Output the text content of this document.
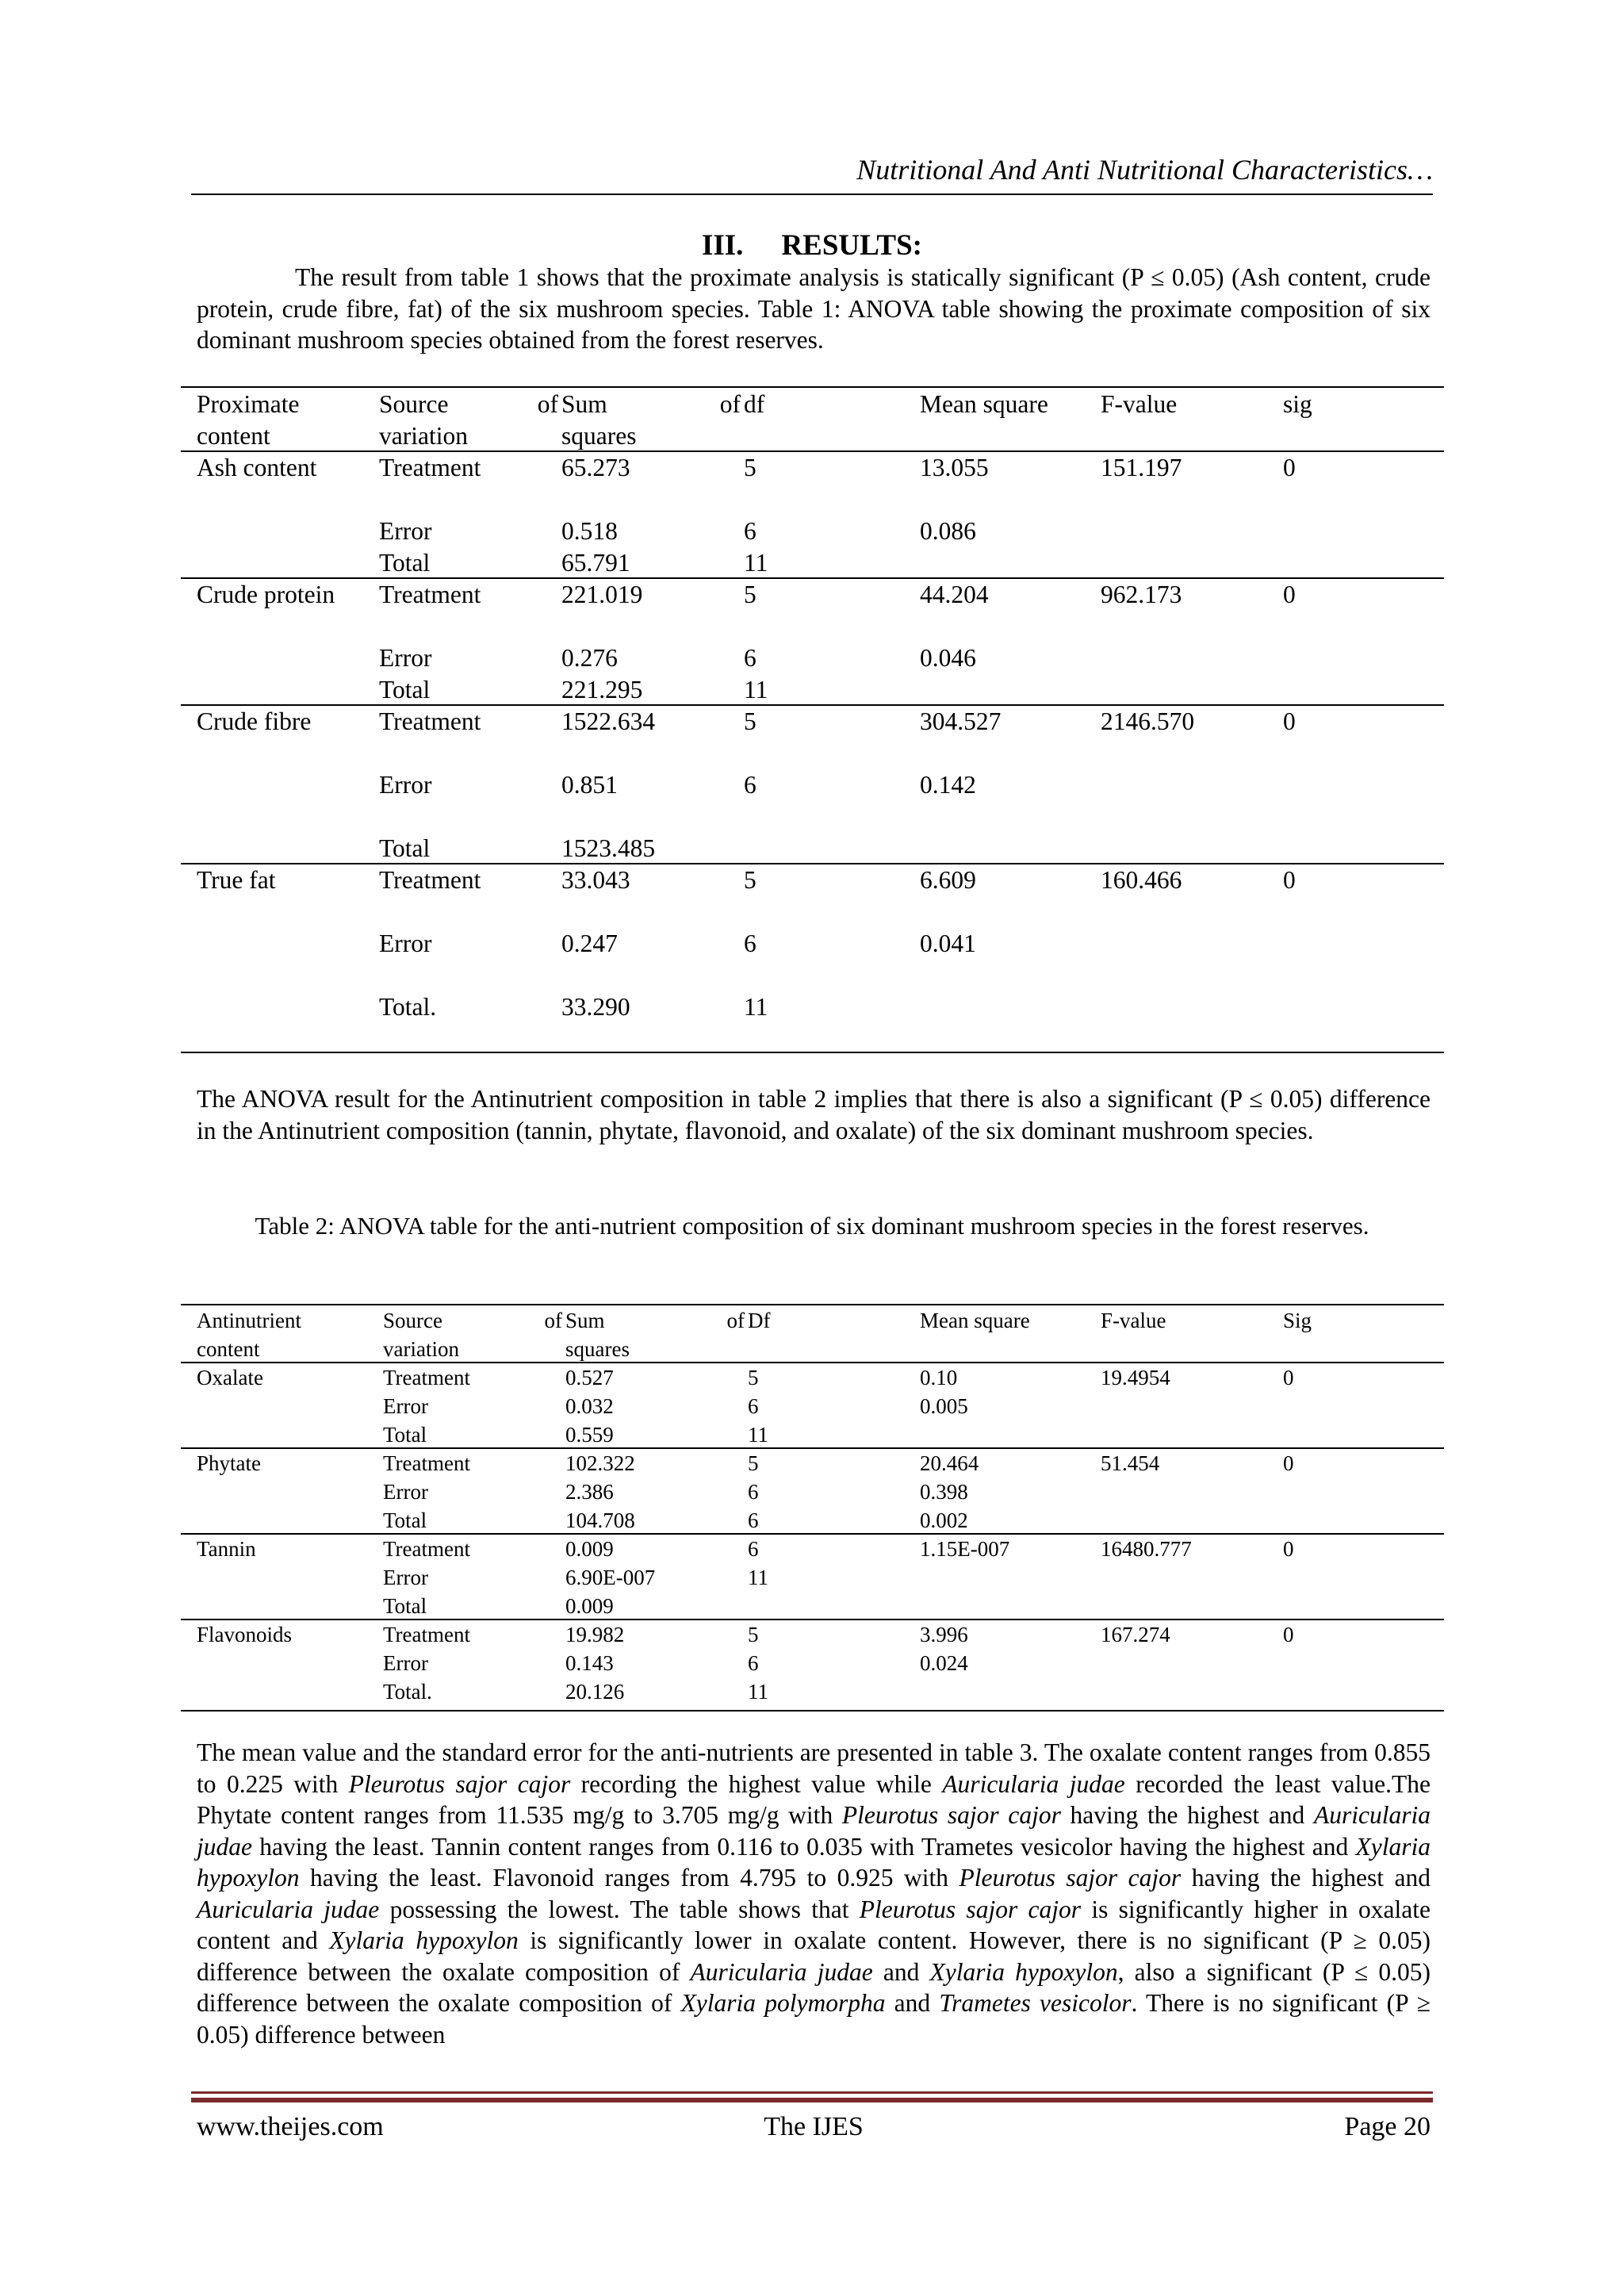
Nutritional And Anti Nutritional Characteristics…
III. RESULTS:
The result from table 1 shows that the proximate analysis is statically significant (P ≤ 0.05) (Ash content, crude protein, crude fibre, fat) of the six mushroom species. Table 1: ANOVA table showing the proximate composition of six dominant mushroom species obtained from the forest reserves.
Proximate	Source	of Sum	of df	Mean square F-value	sig
content	variation	squares
Ash content Treatment	65.273	5	13.055	151.197	0
Error	0.518	6	0.086
Total	65.791	11
Crude protein Treatment	221.019	5	44.204	962.173	0
Error	0.276	6	0.046
Total	221.295	11
Crude fibre	Treatment	1522.634	5	304.527	2146.570	0
Error	0.851	6	0.142
Total	1523.485
True fat	Treatment	33.043	5	6.609	160.466	0
Error	0.247	6	0.041
Total.	33.290	11
The ANOVA result for the Antinutrient composition in table 2 implies that there is also a significant (P ≤ 0.05) difference in the Antinutrient composition (tannin, phytate, flavonoid, and oxalate) of the six dominant mushroom species.
Table 2: ANOVA table for the anti-nutrient composition of six dominant mushroom species in the forest reserves.
Antinutrient	Source	of Sum	of Df	Mean square	F-value	Sig
content	variation	squares
Oxalate	Treatment	0.527	5	0.10	19.4954	0
Error	0.032	6	0.005
Total	0.559	11
Phytate	Treatment	102.322	5	20.464	51.454	0
Error	2.386	6	0.398
Total	104.708	6	0.002
Tannin	Treatment	0.009	6	1.15E-007	16480.777	0
Error	6.90E-007	11
Total	0.009
Flavonoids	Treatment	19.982	5	3.996	167.274	0
Error	0.143	6	0.024
Total.	20.126	11
The mean value and the standard error for the anti-nutrients are presented in table 3. The oxalate content ranges from 0.855 to 0.225 with Pleurotus sajor cajor recording the highest value while Auricularia judae recorded the least value.The Phytate content ranges from 11.535 mg/g to 3.705 mg/g with Pleurotus sajor cajor having the highest and Auricularia judae having the least. Tannin content ranges from 0.116 to 0.035 with Trametes vesicolor having the highest and Xylaria hypoxylon having the least. Flavonoid ranges from 4.795 to 0.925 with Pleurotus sajor cajor having the highest and Auricularia judae possessing the lowest. The table shows that Pleurotus sajor cajor is significantly higher in oxalate content and Xylaria hypoxylon is significantly lower in oxalate content. However, there is no significant (P ≥ 0.05) difference between the oxalate composition of Auricularia judae and Xylaria hypoxylon, also a significant (P ≤ 0.05) difference between the oxalate composition of Xylaria polymorpha and Trametes vesicolor. There is no significant (P ≥ 0.05) difference between
www.theijes.com	The IJES	Page 20
